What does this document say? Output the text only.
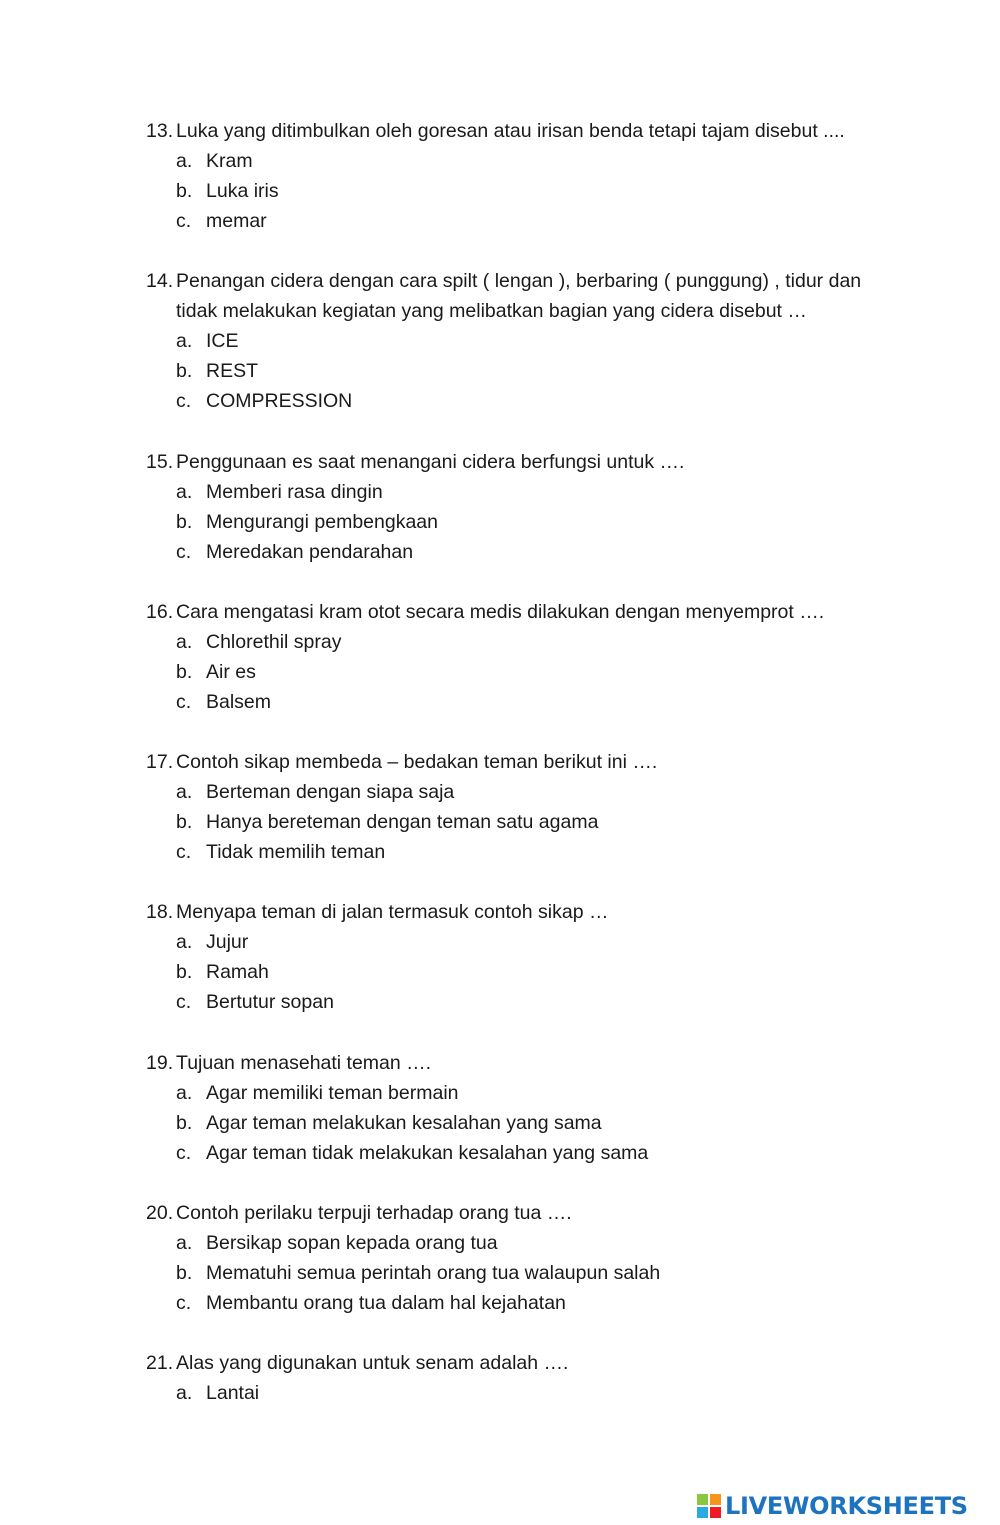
13. Luka yang ditimbulkan oleh goresan atau irisan benda tetapi tajam disebut ....
a. Kram
b. Luka iris
c. memar
14. Penangan cidera dengan cara spilt ( lengan ), berbaring ( punggung) , tidur dan tidak melakukan kegiatan yang melibatkan bagian yang cidera disebut …
a. ICE
b. REST
c. COMPRESSION
15. Penggunaan es saat menangani cidera berfungsi untuk ….
a. Memberi rasa dingin
b. Mengurangi pembengkaan
c. Meredakan pendarahan
16. Cara mengatasi kram otot secara medis dilakukan dengan menyemprot ….
a. Chlorethil spray
b. Air es
c. Balsem
17. Contoh sikap membeda – bedakan teman berikut ini ….
a. Berteman dengan siapa saja
b. Hanya bereteman dengan teman satu agama
c. Tidak memilih teman
18. Menyapa teman di jalan termasuk contoh sikap …
a. Jujur
b. Ramah
c. Bertutur sopan
19. Tujuan menasehati teman ….
a. Agar memiliki teman bermain
b. Agar teman melakukan kesalahan yang sama
c. Agar teman tidak melakukan kesalahan yang sama
20. Contoh perilaku terpuji terhadap orang tua ….
a. Bersikap sopan kepada orang tua
b. Mematuhi semua perintah orang tua walaupun salah
c. Membantu orang tua dalam hal kejahatan
21. Alas yang digunakan untuk senam adalah ….
a. Lantai
LIVEWORKSHEETS
